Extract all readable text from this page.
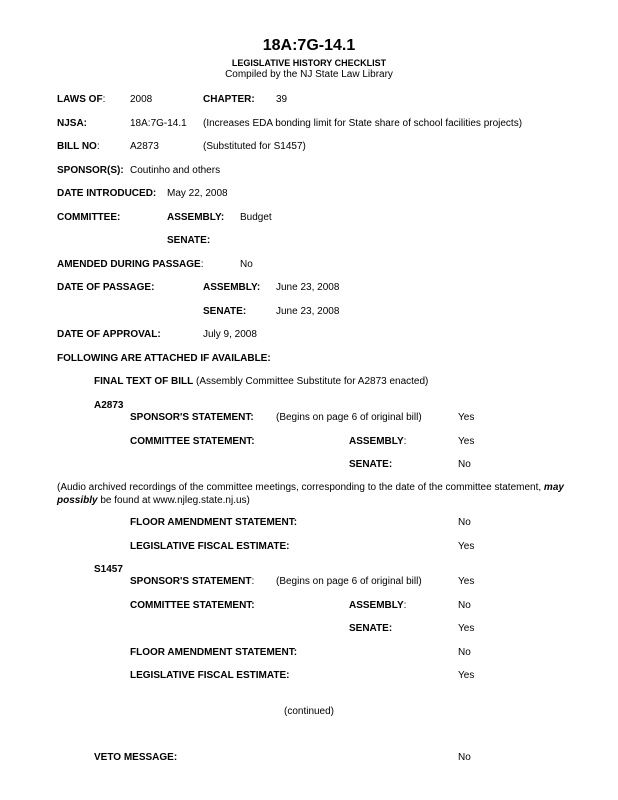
18A:7G-14.1
LEGISLATIVE HISTORY CHECKLIST
Compiled by the NJ State Law Library
LAWS OF: 2008	CHAPTER: 39
NJSA:	18A:7G-14.1 (Increases EDA bonding limit for State share of school facilities projects)
BILL NO:	A2873	(Substituted for S1457)
SPONSOR(S): Coutinho and others
DATE INTRODUCED: May 22, 2008
COMMITTEE:	ASSEMBLY: Budget
SENATE:
AMENDED DURING PASSAGE:	No
DATE OF PASSAGE:	ASSEMBLY: June 23, 2008
SENATE:	June 23, 2008
DATE OF APPROVAL:	July 9, 2008
FOLLOWING ARE ATTACHED IF AVAILABLE:
FINAL TEXT OF BILL (Assembly Committee Substitute for A2873 enacted)
A2873
SPONSOR'S STATEMENT: (Begins on page 6 of original bill)	Yes
COMMITTEE STATEMENT:	ASSEMBLY:	Yes
SENATE:	No
(Audio archived recordings of the committee meetings, corresponding to the date of the committee statement, may possibly be found at www.njleg.state.nj.us)
FLOOR AMENDMENT STATEMENT:	No
LEGISLATIVE FISCAL ESTIMATE:	Yes
S1457
SPONSOR'S STATEMENT: (Begins on page 6 of original bill)	Yes
COMMITTEE STATEMENT:	ASSEMBLY:	No
SENATE:	Yes
FLOOR AMENDMENT STATEMENT:	No
LEGISLATIVE FISCAL ESTIMATE:	Yes
(continued)
VETO MESSAGE:	No
